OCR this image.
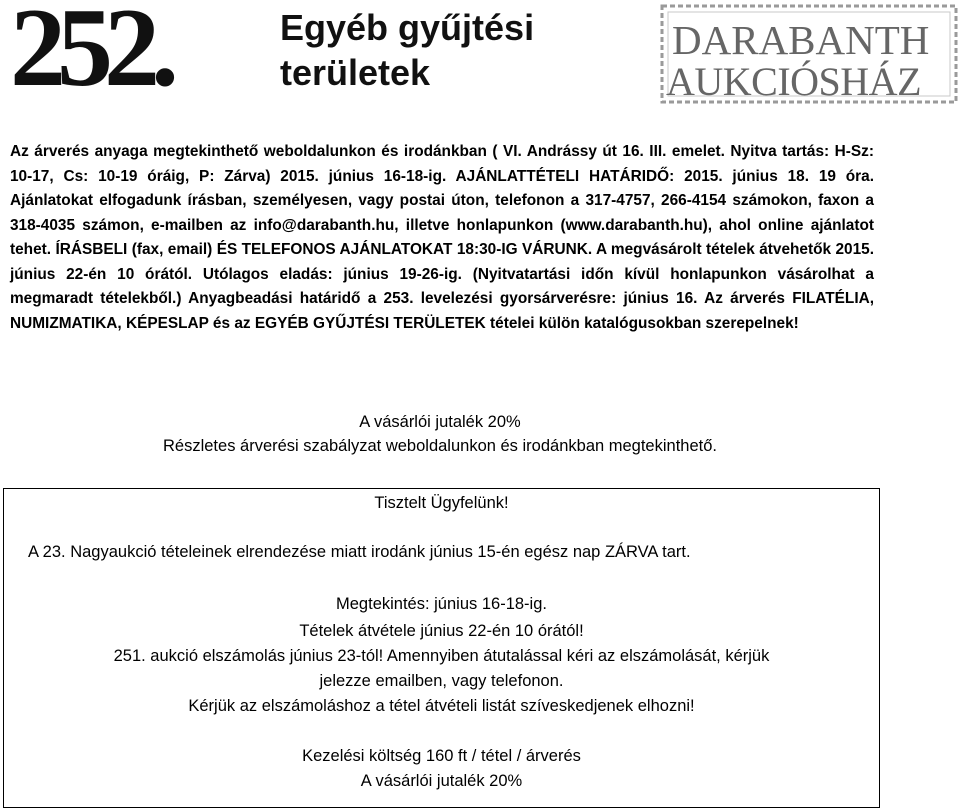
252.	Egyéb gyűjtési
területek
DARABANTH
AUKCIÓSHÁZ
Az árverés anyaga megtekinthető weboldalunkon és irodánkban ( VI. Andrássy út 16. III. emelet. Nyitva tartás: H-Sz: 10-17, Cs: 10-19 óráig, P: Zárva) 2015. június 16-18-ig. AJÁNLATTÉTELI HATÁRIDŐ: 2015. június 18. 19 óra. Ajánlatokat elfogadunk írásban, személyesen, vagy postai úton, telefonon a 317-4757, 266-4154 számokon, faxon a 318-4035 számon, e-mailben az info@darabanth.hu, illetve honlapunkon (www.darabanth.hu), ahol online ajánlatot tehet. ÍRÁSBELI (fax, email) ÉS TELEFONOS AJÁNLATOKAT 18:30-IG VÁRUNK. A megvásárolt tételek átvehetők 2015. június 22-én 10 órától. Utólagos eladás: június 19-26-ig. (Nyitvatartási időn kívül honlapunkon vásárolhat a megmaradt tételekből.) Anyagbeadási határidő a 253. levelezési gyorsárverésre: június 16. Az árverés FILATÉLIA, NUMIZMATIKA, KÉPESLAP és az EGYÉB GYŰJTÉSI TERÜLETEK tételei külön katalógusokban szerepelnek!
A vásárlói jutalék 20%
Részletes árverési szabályzat weboldalunkon és irodánkban megtekinthető.
Tisztelt Ügyfelünk!
A 23. Nagyaukció tételeinek elrendezése miatt irodánk június 15-én egész nap ZÁRVA tart.
Megtekintés: június 16-18-ig.
Tételek átvétele június 22-én 10 órától!
251. aukció elszámolás június 23-tól! Amennyiben átutalással kéri az elszámolását, kérjük
jelezze emailben, vagy telefonon.
Kérjük az elszámoláshoz a tétel átvételi listát szíveskedjenek elhozni!
Kezelési költség 160 ft / tétel / árverés
A vásárlói jutalék 20%
